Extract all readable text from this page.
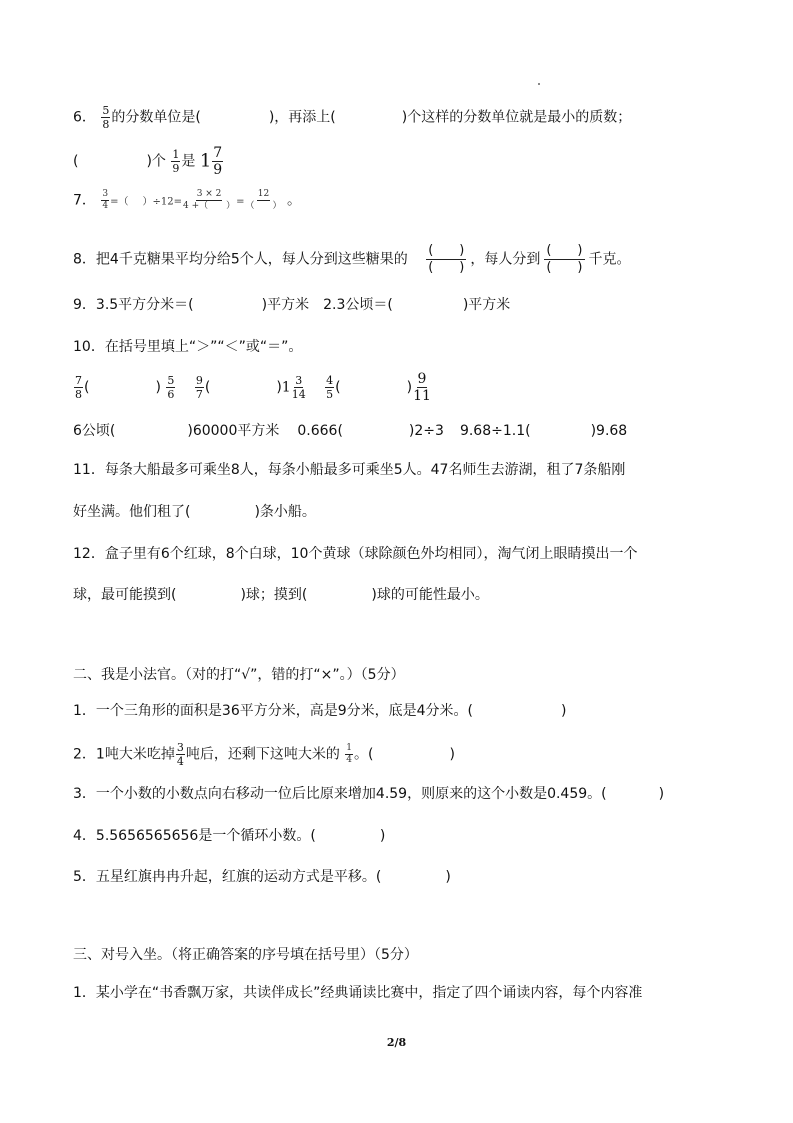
6． $\frac{5}{8}$ 的分数单位是(	)，再添上(	)个这样的分数单位就是最小的质数；
(	)个 $\frac{1}{9}$ 是 $1 \frac{7}{9}$
7． $\frac{3}{4}$ =（ ）$\div 12= \frac{3 \times 2}{4 +( )} = \frac{12}{( )}$ 。
8．把4千克糖果平均分给5个人，每人分到这些糖果的 $\frac{( )}{( )}$ ，每人分到 $\frac{( )}{( )}$ 千克。
9．3.5平方分米＝(	)平方米　2.3公顷＝(	)平方米
10．在括号里填上“＞”“＜”或“＝”。
$\frac{7}{8}$ (	) $\frac{5}{6}$
$\frac{9}{7}$ (	)$1 \frac{3}{14}$
$\frac{4}{5}$ (	) $\frac{9}{11}$
6公顷(	)60000平方米 0.666(	)2÷3 9.68÷1.1(	)9.68
11．每条大船最多可乘坐8人，每条小船最多可乘坐5人。47名师生去游湖，租了7条船刚
好坐满。他们租了(	)条小船。
12．盒子里有6个红球，8个白球，10个黄球（球除颜色外均相同），淘气闭上眼睛摸出一个
球，最可能摸到(	)球；摸到(	)球的可能性最小。
二、我是小法官。（对的打“√”，错的打“×”。）（5分）
1．一个三角形的面积是36平方分米，高是9分米，底是4分米。(	)
2．1吨大米吃掉 $\frac{3}{4}$ 吨后，还剩下这吨大米的 $\frac{1}{4}$ 。(	)
3．一个小数的小数点向右移动一位后比原来增加4.59，则原来的这个小数是0.459。(	)
4．5.5656565656是一个循环小数。(	)
5．五星红旗冉冉升起，红旗的运动方式是平移。(	)
三、对号入坐。（将正确答案的序号填在括号里）（5分）
1．某小学在“书香飘万家，共读伴成长”经典诵读比赛中，指定了四个诵读内容，每个内容准
2/8
